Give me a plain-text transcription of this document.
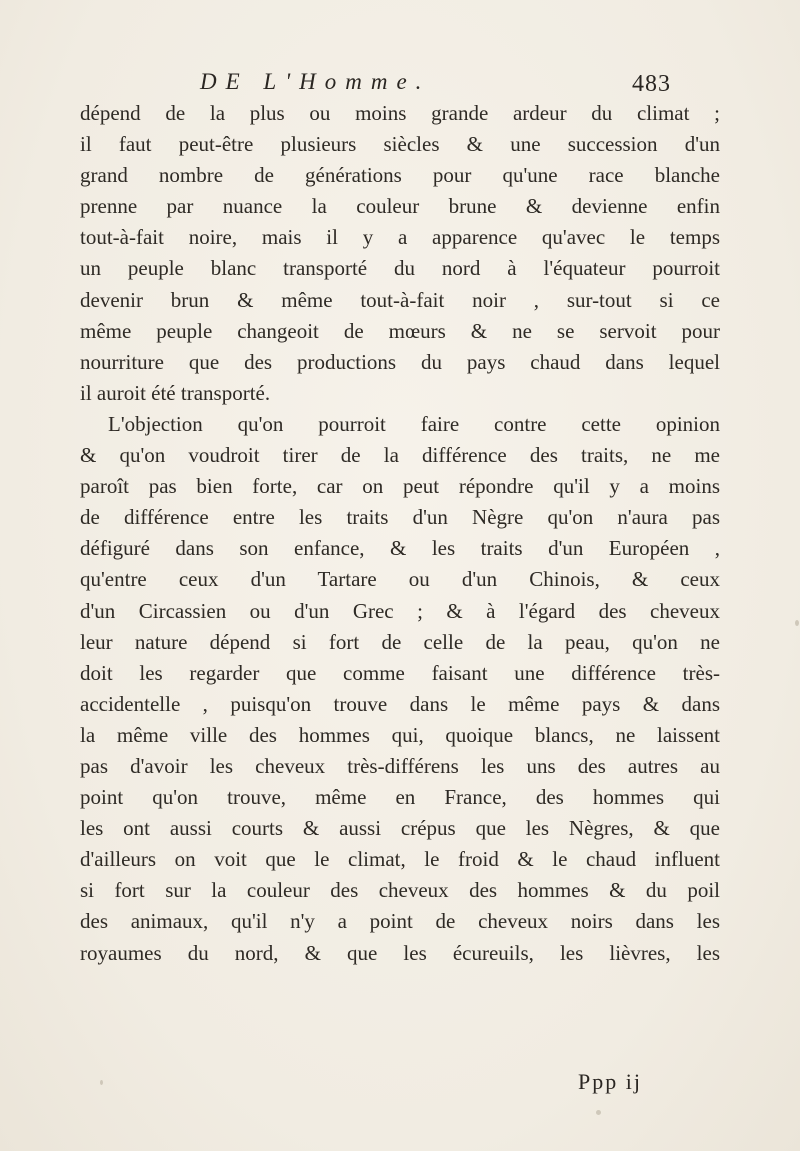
DE L'Homme.	483
dépend de la plus ou moins grande ardeur du climat ;
il faut peut-être plusieurs siècles & une succession d'un
grand nombre de générations pour qu'une race blanche
prenne par nuance la couleur brune & devienne enfin
tout-à-fait noire, mais il y a apparence qu'avec le temps
un peuple blanc transporté du nord à l'équateur pourroit
devenir brun & même tout-à-fait noir , sur-tout si ce
même peuple changeoit de mœurs & ne se servoit pour
nourriture que des productions du pays chaud dans lequel
il auroit été transporté.
L'objection qu'on pourroit faire contre cette opinion
& qu'on voudroit tirer de la différence des traits, ne me
paroît pas bien forte, car on peut répondre qu'il y a moins
de différence entre les traits d'un Nègre qu'on n'aura pas
défiguré dans son enfance, & les traits d'un Européen ,
qu'entre ceux d'un Tartare ou d'un Chinois, & ceux
d'un Circassien ou d'un Grec ; & à l'égard des cheveux
leur nature dépend si fort de celle de la peau, qu'on ne
doit les regarder que comme faisant une différence très-
accidentelle , puisqu'on trouve dans le même pays & dans
la même ville des hommes qui, quoique blancs, ne laissent
pas d'avoir les cheveux très-différens les uns des autres au
point qu'on trouve, même en France, des hommes qui
les ont aussi courts & aussi crépus que les Nègres, & que
d'ailleurs on voit que le climat, le froid & le chaud influent
si fort sur la couleur des cheveux des hommes & du poil
des animaux, qu'il n'y a point de cheveux noirs dans les
royaumes du nord, & que les écureuils, les lièvres, les
Ppp ij
